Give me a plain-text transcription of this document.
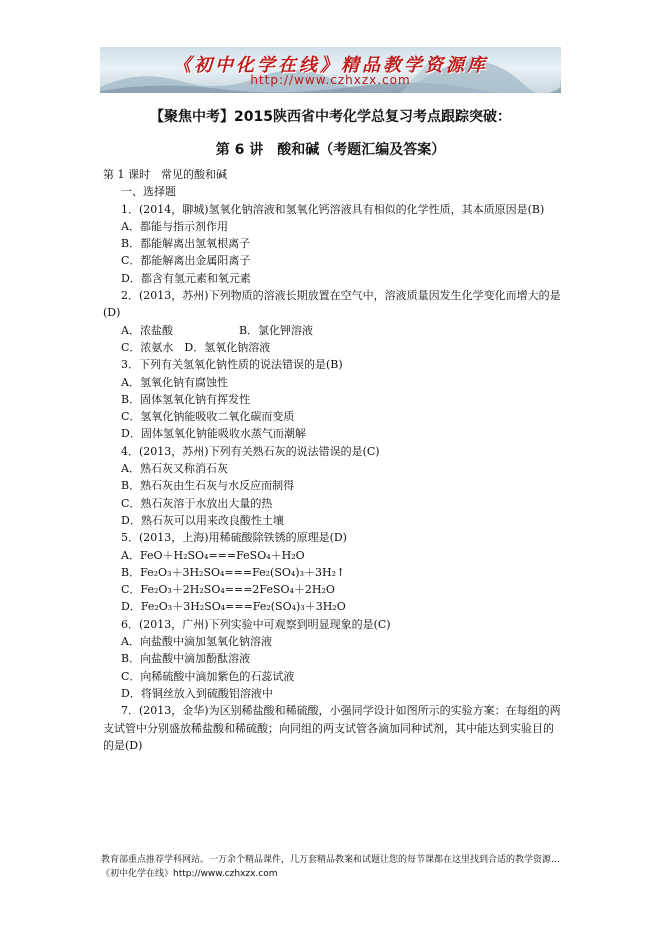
《初中化学在线》精品教学资源库
http://www.czhxzx.com
【聚焦中考】2015陕西省中考化学总复习考点跟踪突破：
第 6 讲　酸和碱（考题汇编及答案）
第 1 课时　常见的酸和碱
一、选择题
1．(2014，聊城)氢氧化钠溶液和氢氧化钙溶液具有相似的化学性质，其本质原因是(B)
A．都能与指示剂作用
B．都能解离出氢氧根离子
C．都能解离出金属阳离子
D．都含有氢元素和氧元素
2．(2013，苏州)下列物质的溶液长期放置在空气中，溶液质量因发生化学变化而增大的是(D)
A．浓盐酸　　　　　　B．氯化钾溶液
C．浓氨水　D．氢氧化钠溶液
3．下列有关氢氧化钠性质的说法错误的是(B)
A．氢氧化钠有腐蚀性
B．固体氢氧化钠有挥发性
C．氢氧化钠能吸收二氧化碳而变质
D．固体氢氧化钠能吸收水蒸气而潮解
4．(2013，苏州)下列有关熟石灰的说法错误的是(C)
A．熟石灰又称消石灰
B．熟石灰由生石灰与水反应而制得
C．熟石灰溶于水放出大量的热
D．熟石灰可以用来改良酸性土壤
5．(2013，上海)用稀硫酸除铁锈的原理是(D)
A．FeO＋H₂SO₄===FeSO₄＋H₂O
B．Fe₂O₃＋3H₂SO₄===Fe₂(SO₄)₃＋3H₂↑
C．Fe₂O₃＋2H₂SO₄===2FeSO₄＋2H₂O
D．Fe₂O₃＋3H₂SO₄===Fe₂(SO₄)₃＋3H₂O
6．(2013，广州)下列实验中可观察到明显现象的是(C)
A．向盐酸中滴加氢氧化钠溶液
B．向盐酸中滴加酚酞溶液
C．向稀硫酸中滴加紫色的石蕊试液
D．将铜丝放入到硫酸铝溶液中
7．(2013，金华)为区别稀盐酸和稀硫酸，小强同学设计如图所示的实验方案：在每组的两支试管中分别盛放稀盐酸和稀硫酸；向同组的两支试管各滴加同种试剂，其中能达到实验目的的是(D)
教育部重点推荐学科网站。一万余个精品课件，几万套精品教案和试题让您的每节课都在这里找到合适的教学资源…《初中化学在线》http://www.czhxzx.com
